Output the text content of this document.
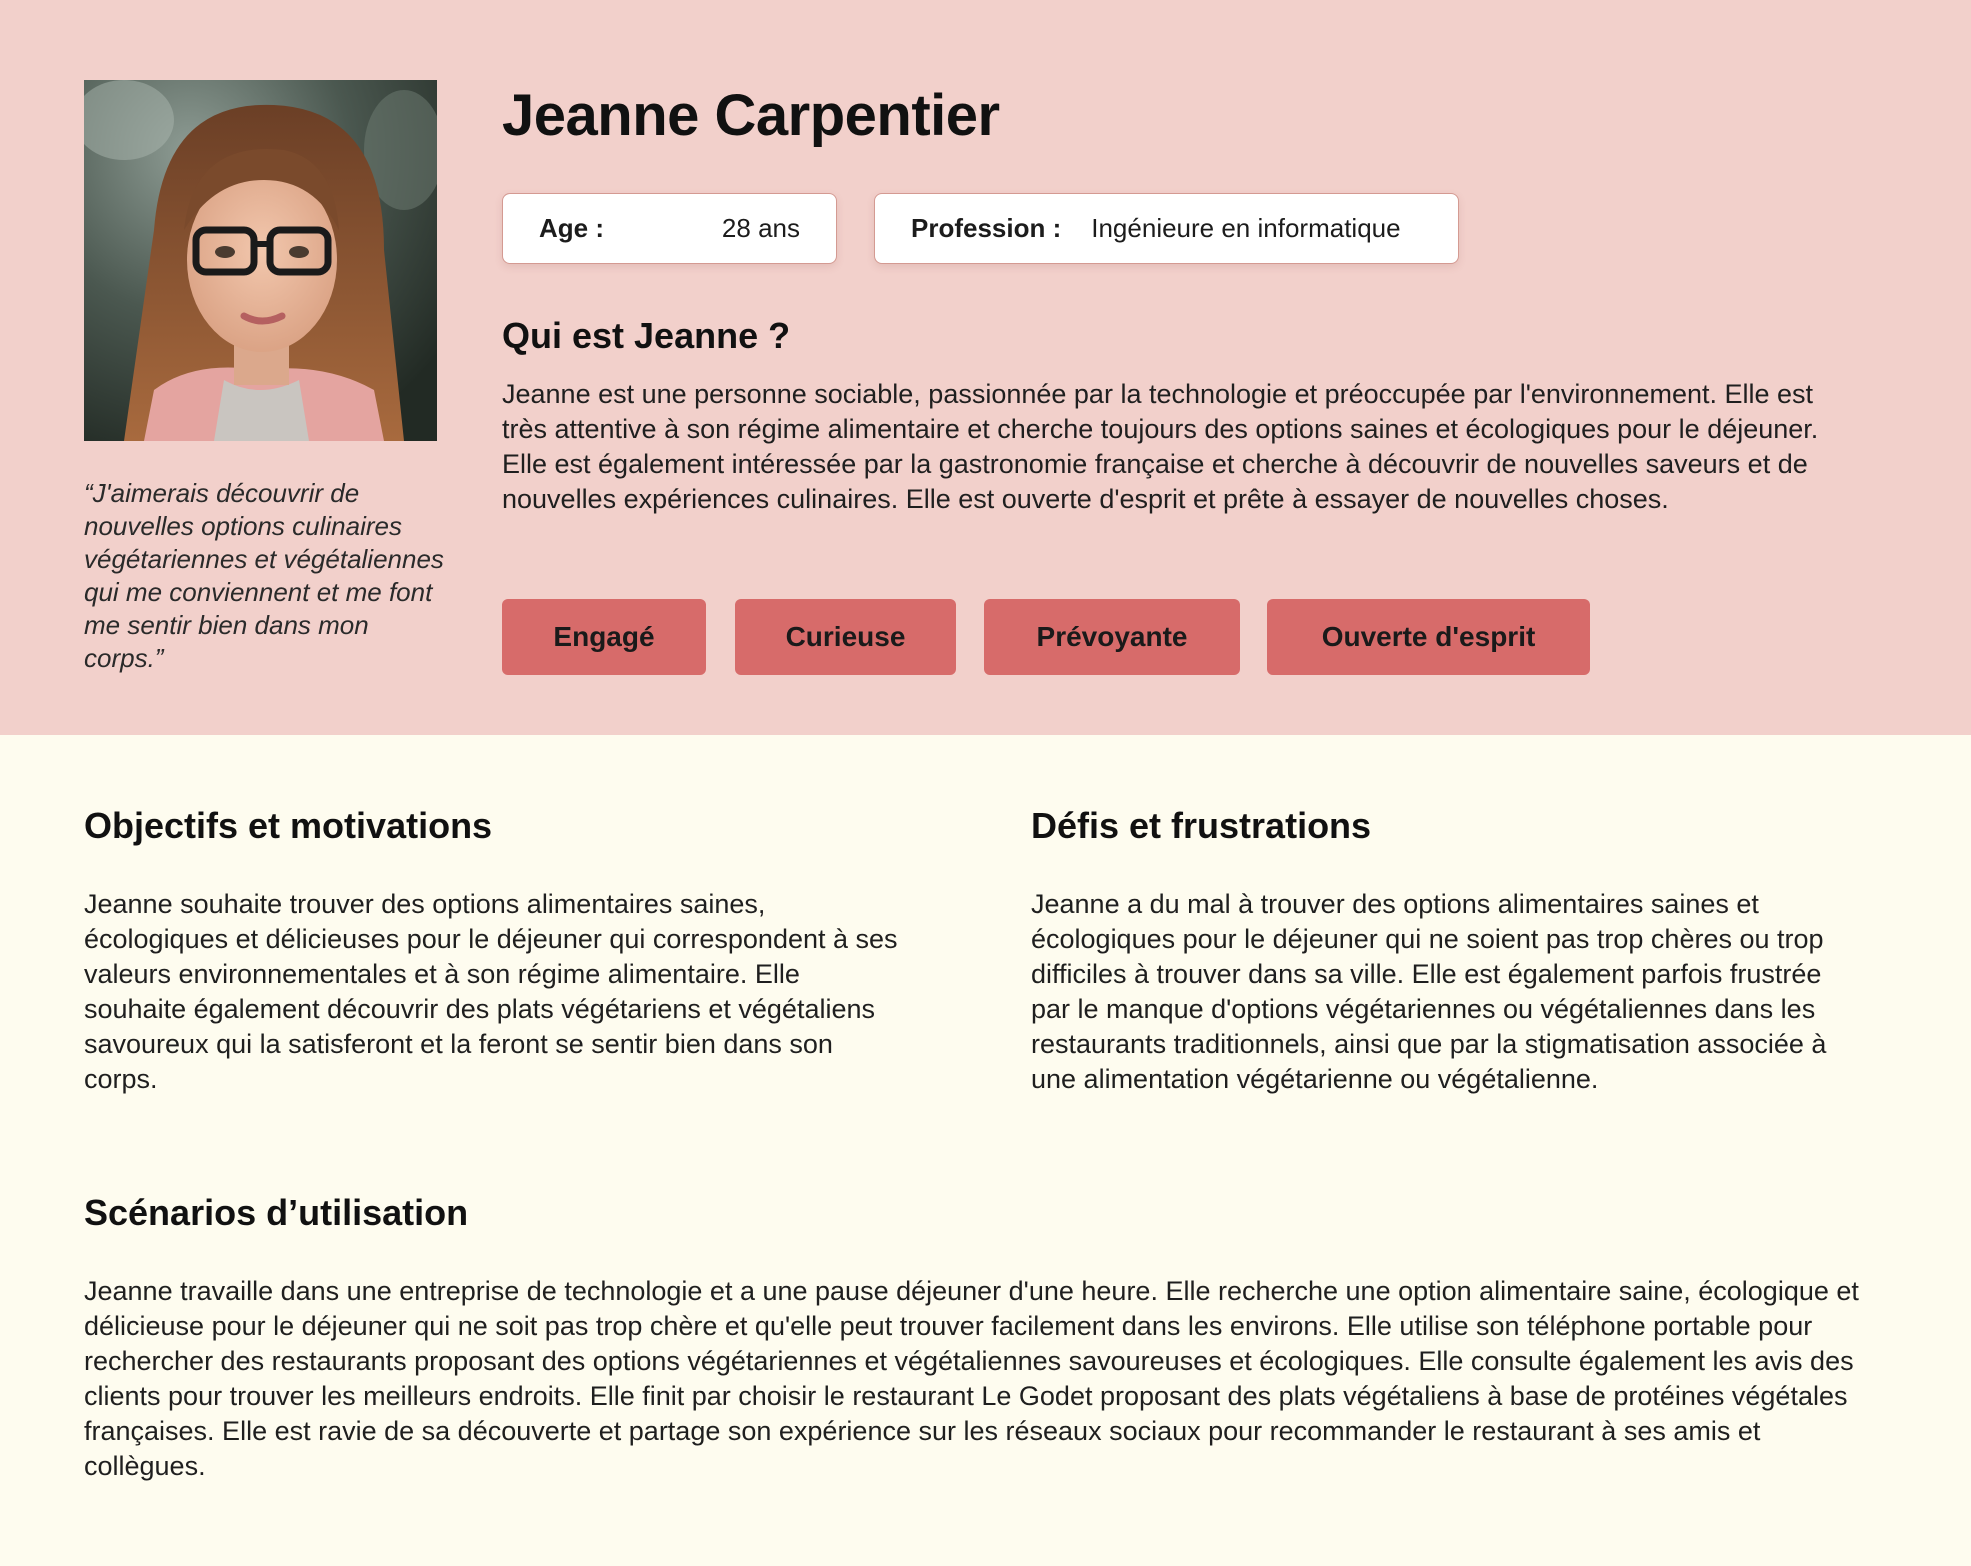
“J'aimerais découvrir de nouvelles options culinaires végétariennes et végétaliennes qui me conviennent et me font me sentir bien dans mon corps.”

Jeanne Carpentier
Age :	28 ans	Profession : Ingénieure en informatique
Qui est Jeanne ?

Jeanne est une personne sociable, passionnée par la technologie et préoccupée par l'environnement. Elle est très attentive à son régime alimentaire et cherche toujours des options saines et écologiques pour le déjeuner. Elle est également intéressée par la gastronomie française et cherche à découvrir de nouvelles saveurs et de nouvelles expériences culinaires. Elle est ouverte d'esprit et prête à essayer de nouvelles choses.

Engagé	Curieuse	Prévoyante	Ouverte d'esprit
Objectifs et motivations

Jeanne souhaite trouver des options alimentaires saines, écologiques et délicieuses pour le déjeuner qui correspondent à ses valeurs environnementales et à son régime alimentaire. Elle souhaite également découvrir des plats végétariens et végétaliens savoureux qui la satisferont et la feront se sentir bien dans son corps.

Défis et frustrations

Jeanne a du mal à trouver des options alimentaires saines et écologiques pour le déjeuner qui ne soient pas trop chères ou trop difficiles à trouver dans sa ville. Elle est également parfois frustrée par le manque d'options végétariennes ou végétaliennes dans les restaurants traditionnels, ainsi que par la stigmatisation associée à une alimentation végétarienne ou végétalienne.

Scénarios d’utilisation

Jeanne travaille dans une entreprise de technologie et a une pause déjeuner d'une heure. Elle recherche une option alimentaire saine, écologique et délicieuse pour le déjeuner qui ne soit pas trop chère et qu'elle peut trouver facilement dans les environs. Elle utilise son téléphone portable pour rechercher des restaurants proposant des options végétariennes et végétaliennes savoureuses et écologiques. Elle consulte également les avis des clients pour trouver les meilleurs endroits. Elle finit par choisir le restaurant Le Godet proposant des plats végétaliens à base de protéines végétales françaises. Elle est ravie de sa découverte et partage son expérience sur les réseaux sociaux pour recommander le restaurant à ses amis et collègues.
